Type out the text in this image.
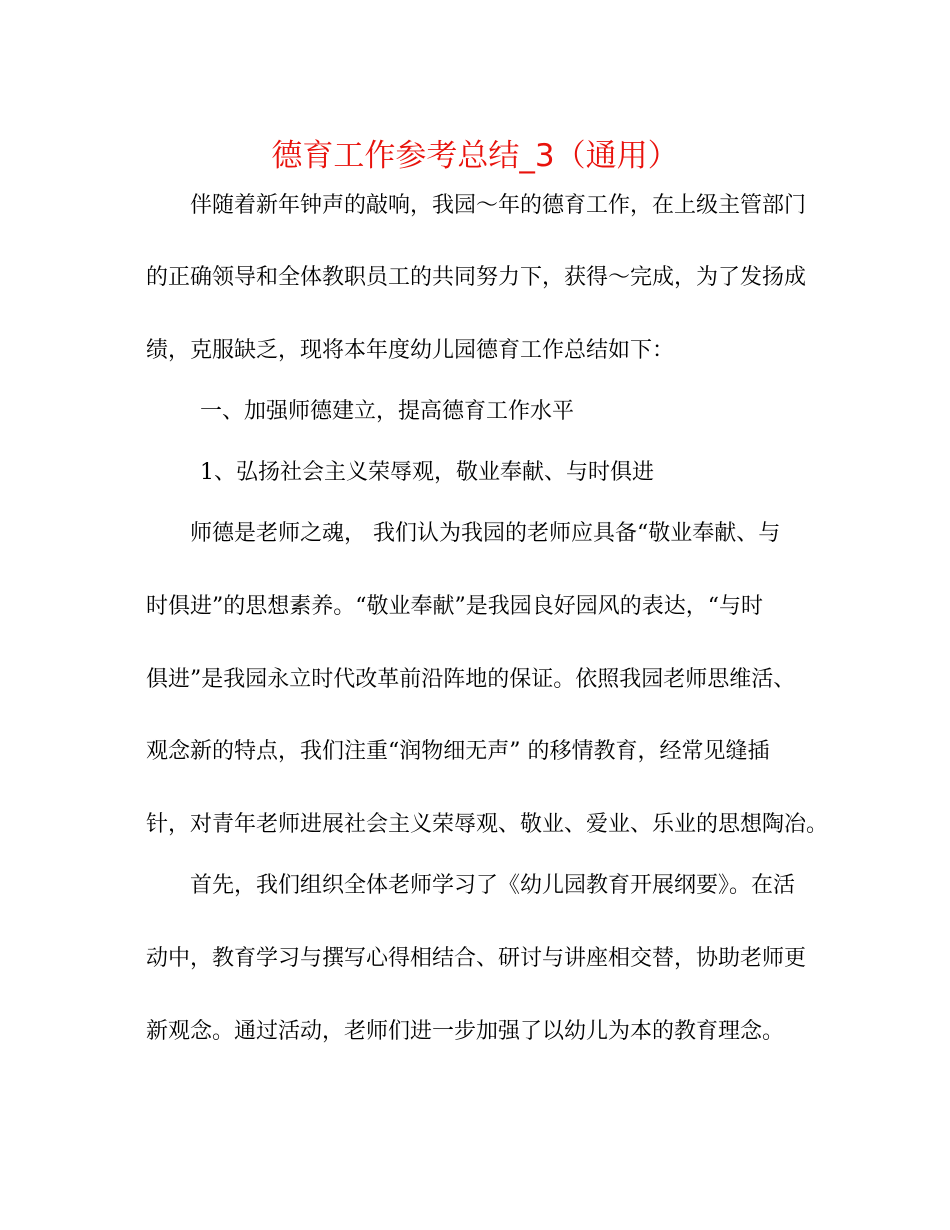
德育工作参考总结_3（通用）
伴随着新年钟声的敲响，我园～年的德育工作，在上级主管部门
的正确领导和全体教职员工的共同努力下，获得～完成，为了发扬成
绩，克服缺乏，现将本年度幼儿园德育工作总结如下：
一、加强师德建立，提高德育工作水平
1、弘扬社会主义荣辱观，敬业奉献、与时俱进
师德是老师之魂， 我们认为我园的老师应具备“敬业奉献、与
时俱进”的思想素养。“敬业奉献”是我园良好园风的表达，“与时
俱进”是我园永立时代改革前沿阵地的保证。依照我园老师思维活、
观念新的特点，我们注重“润物细无声” 的移情教育，经常见缝插
针，对青年老师进展社会主义荣辱观、敬业、爱业、乐业的思想陶冶。
首先，我们组织全体老师学习了《幼儿园教育开展纲要》。在活
动中，教育学习与撰写心得相结合、研讨与讲座相交替，协助老师更
新观念。通过活动，老师们进一步加强了以幼儿为本的教育理念。
